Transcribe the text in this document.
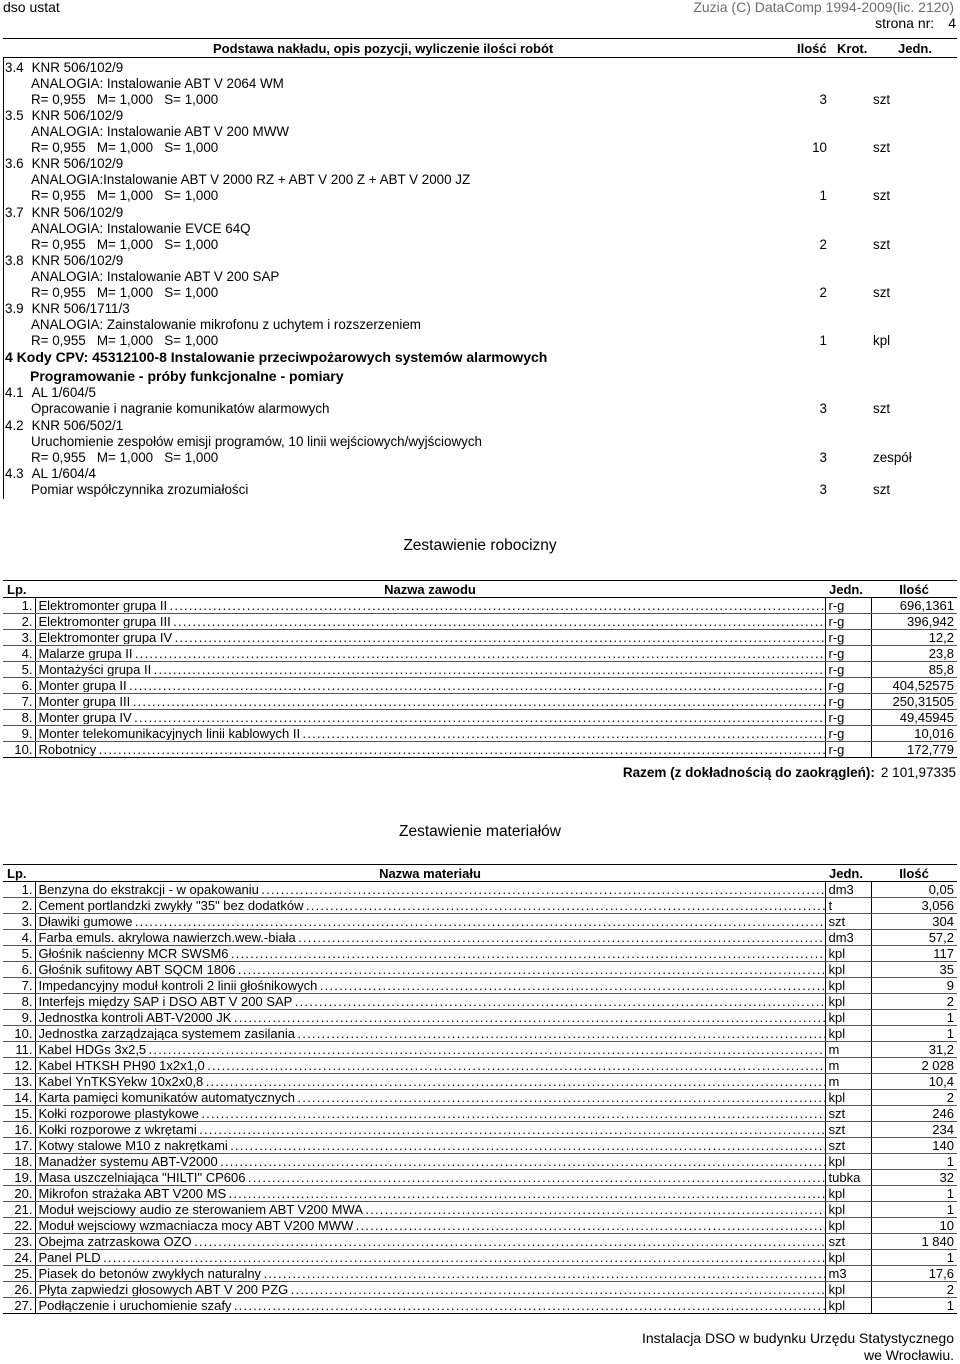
dso ustat	Zuzia (C) DataComp 1994-2009(lic. 2120)
strona nr: 4
Podstawa nakładu, opis pozycji, wyliczenie ilości robót	Ilość Krot. Jedn.
3.4 KNR 506/102/9
ANALOGIA: Instalowanie ABT V 2064 WM
R= 0,955   M= 1,000   S= 1,000	3	szt
3.5 KNR 506/102/9
ANALOGIA: Instalowanie ABT V 200 MWW
R= 0,955   M= 1,000   S= 1,000	10	szt
3.6 KNR 506/102/9
ANALOGIA:Instalowanie ABT V 2000 RZ + ABT V 200 Z + ABT V 2000 JZ
R= 0,955   M= 1,000   S= 1,000	1	szt
3.7 KNR 506/102/9
ANALOGIA: Instalowanie EVCE 64Q
R= 0,955   M= 1,000   S= 1,000	2	szt
3.8 KNR 506/102/9
ANALOGIA: Instalowanie ABT V 200 SAP
R= 0,955   M= 1,000   S= 1,000	2	szt
3.9 KNR 506/1711/3
ANALOGIA: Zainstalowanie mikrofonu z uchytem i rozszerzeniem
R= 0,955   M= 1,000   S= 1,000	1	kpl
4.1 AL 1/604/5
Opracowanie i nagranie komunikatów alarmowych	3	szt
4.2 KNR 506/502/1
Uruchomienie zespołów emisji programów, 10 linii wejściowych/wyjściowych
R= 0,955   M= 1,000   S= 1,000	3	zespół
4.3 AL 1/604/4
Pomiar współczynnika zrozumiałości	3	szt
4 Kody CPV: 45312100-8 Instalowanie przeciwpożarowych systemów alarmowych
Programowanie - próby funkcjonalne - pomiary
Zestawienie robocizny
Lp.	Nazwa zawodu	Jedn.	Ilość
1.	Elektromonter grupa II . . .	r-g	696,1361
2.	Elektromonter grupa III . . .	r-g	396,942
3.	Elektromonter grupa IV . . .	r-g	12,2
4.	Malarze grupa II . . .	r-g	23,8
5.	Montażyści grupa II . . .	r-g	85,8
6.	Monter grupa II . . .	r-g	404,52575
7.	Monter grupa III . . .	r-g	250,31505
8.	Monter grupa IV . . .	r-g	49,45945
9.	Monter telekomunikacyjnych linii kablowych II . . .	r-g	10,016
10.	Robotnicy . . .	r-g	172,779
Razem (z dokładnością do zaokrągleń): 2 101,97335
Zestawienie materiałów
Lp.	Nazwa materiału	Jedn.	Ilość
1.	Benzyna do ekstrakcji - w opakowaniu . . .	dm3	0,05
2.	Cement portlandzki zwykły "35" bez dodatków . . .	t	3,056
3.	Dławiki gumowe . . .	szt	304
4.	Farba emuls. akrylowa nawierzch.wew.-biała . . .	dm3	57,2
5.	Głośnik naścienny MCR SWSM6 . . .	kpl	117
6.	Głośnik sufitowy ABT SQCM 1806 . . .	kpl	35
7.	Impedancyjny moduł kontroli 2 linii głośnikowych . . .	kpl	9
8.	Interfejs między SAP i DSO ABT V 200 SAP . . .	kpl	2
9.	Jednostka kontroli ABT-V2000 JK . . .	kpl	1
10.	Jednostka zarządzająca systemem zasilania . . .	kpl	1
11.	Kabel HDGs 3x2,5 . . .	m	31,2
12.	Kabel HTKSH PH90 1x2x1,0 . . .	m	2 028
13.	Kabel YnTKSYekw 10x2x0,8 . . .	m	10,4
14.	Karta pamięci komunikatów automatycznych . . .	kpl	2
15.	Kołki rozporowe plastykowe . . .	szt	246
16.	Kołki rozporowe z wkrętami . . .	szt	234
17.	Kotwy stalowe M10 z nakrętkami . . .	szt	140
18.	Manadżer systemu ABT-V2000 . . .	kpl	1
19.	Masa uszczelniająca "HILTI" CP606 . . .	tubka	32
20.	Mikrofon strażaka ABT V200 MS . . .	kpl	1
21.	Moduł wejsciowy audio ze sterowaniem ABT V200 MWA . . .	kpl	1
22.	Moduł wejsciowy wzmacniacza mocy ABT V200 MWW . . .	kpl	10
23.	Obejma zatrzaskowa OZO . . .	szt	1 840
24.	Panel PLD . . .	kpl	1
25.	Piasek do betonów zwykłych naturalny . . .	m3	17,6
26.	Płyta zapwiedzi głosowych ABT V 200 PZG . . .	kpl	2
27.	Podłączenie i uruchomienie szafy . . .	kpl	1
Instalacja DSO w budynku Urzędu Statystycznego
we Wrocławiu.
